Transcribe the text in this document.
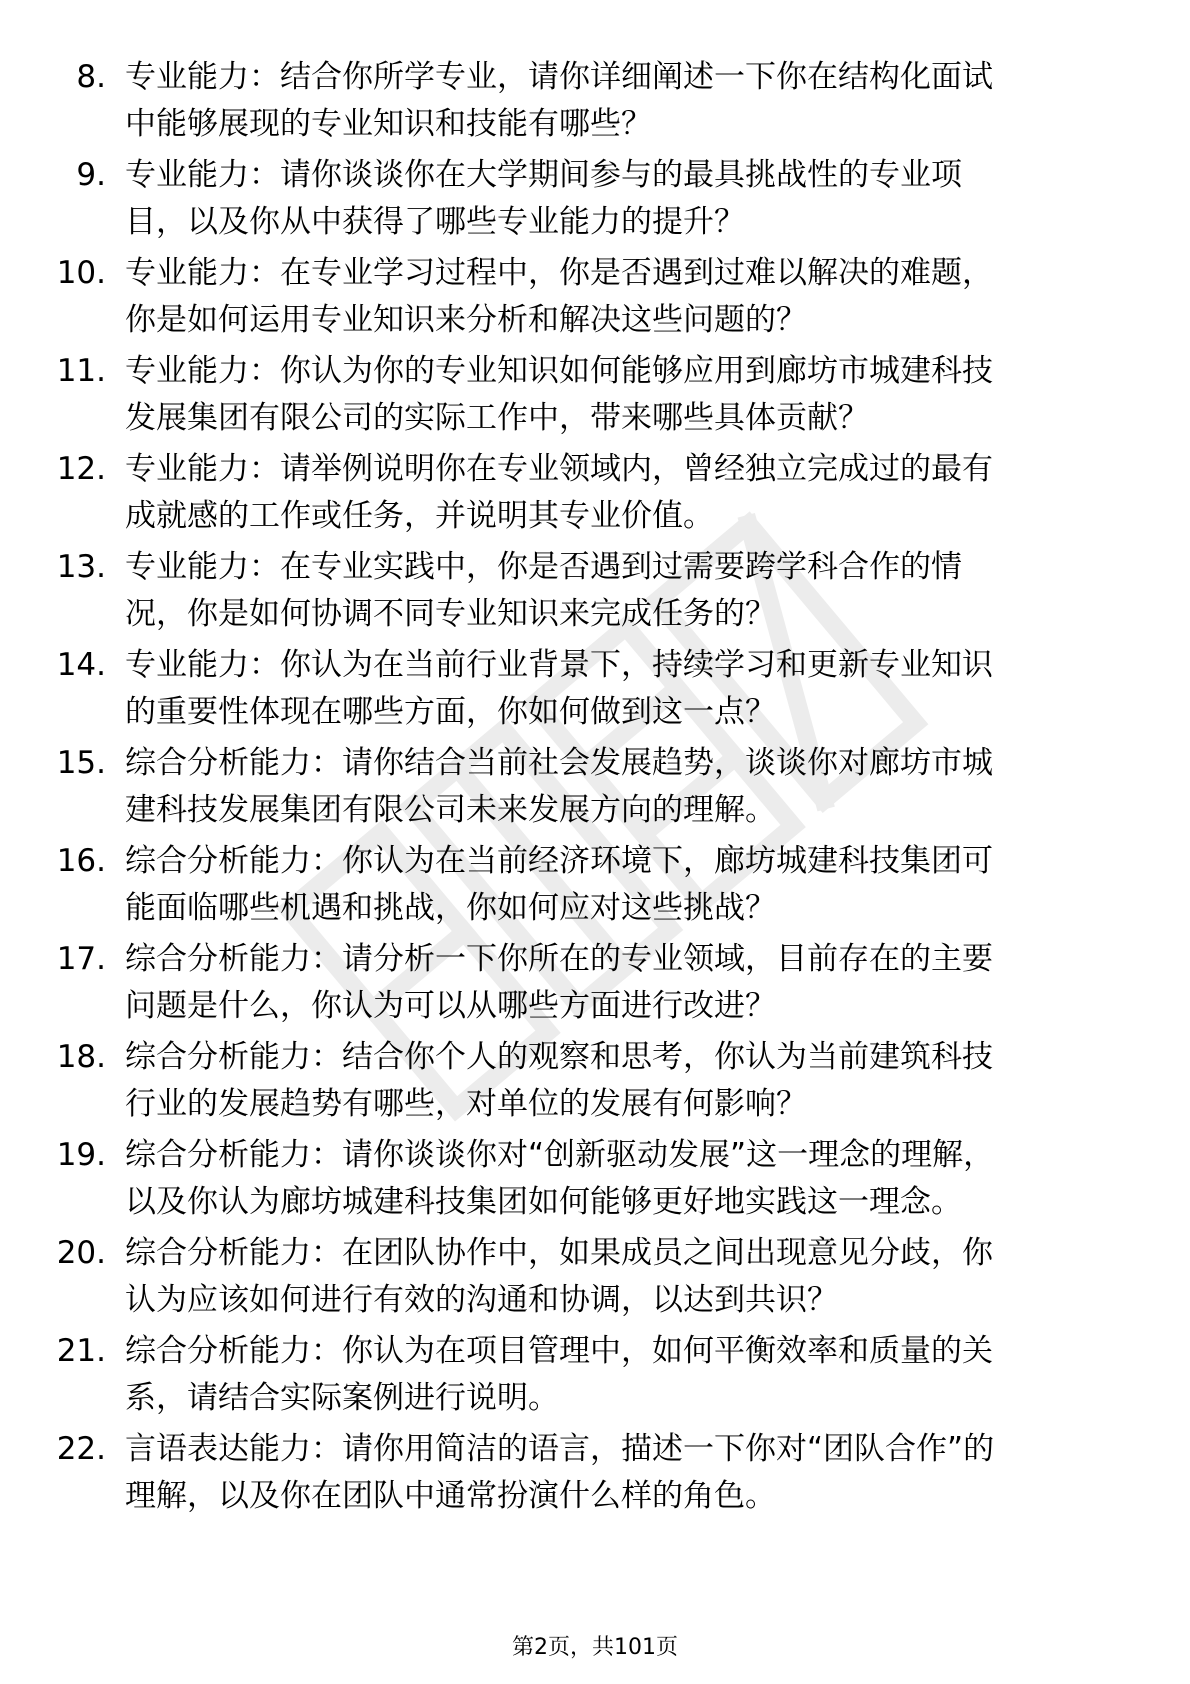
8. 专业能力：结合你所学专业，请你详细阐述一下你在结构化面试
中能够展现的专业知识和技能有哪些？
9. 专业能力：请你谈谈你在大学期间参与的最具挑战性的专业项
目，以及你从中获得了哪些专业能力的提升？
10. 专业能力：在专业学习过程中，你是否遇到过难以解决的难题，
你是如何运用专业知识来分析和解决这些问题的？
11. 专业能力：你认为你的专业知识如何能够应用到廊坊市城建科技
发展集团有限公司的实际工作中，带来哪些具体贡献？
12. 专业能力：请举例说明你在专业领域内，曾经独立完成过的最有
成就感的工作或任务，并说明其专业价值。
13. 专业能力：在专业实践中，你是否遇到过需要跨学科合作的情
况，你是如何协调不同专业知识来完成任务的？
14. 专业能力：你认为在当前行业背景下，持续学习和更新专业知识
的重要性体现在哪些方面，你如何做到这一点？
15. 综合分析能力：请你结合当前社会发展趋势，谈谈你对廊坊市城
建科技发展集团有限公司未来发展方向的理解。
16. 综合分析能力：你认为在当前经济环境下，廊坊城建科技集团可
能面临哪些机遇和挑战，你如何应对这些挑战？
17. 综合分析能力：请分析一下你所在的专业领域，目前存在的主要
问题是什么，你认为可以从哪些方面进行改进？
18. 综合分析能力：结合你个人的观察和思考，你认为当前建筑科技
行业的发展趋势有哪些，对单位的发展有何影响？
19. 综合分析能力：请你谈谈你对“创新驱动发展”这一理念的理解，
以及你认为廊坊城建科技集团如何能够更好地实践这一理念。
20. 综合分析能力：在团队协作中，如果成员之间出现意见分歧，你
认为应该如何进行有效的沟通和协调，以达到共识？
21. 综合分析能力：你认为在项目管理中，如何平衡效率和质量的关
系，请结合实际案例进行说明。
22. 言语表达能力：请你用简洁的语言，描述一下你对“团队合作”的
理解，以及你在团队中通常扮演什么样的角色。
第2页，共101页
